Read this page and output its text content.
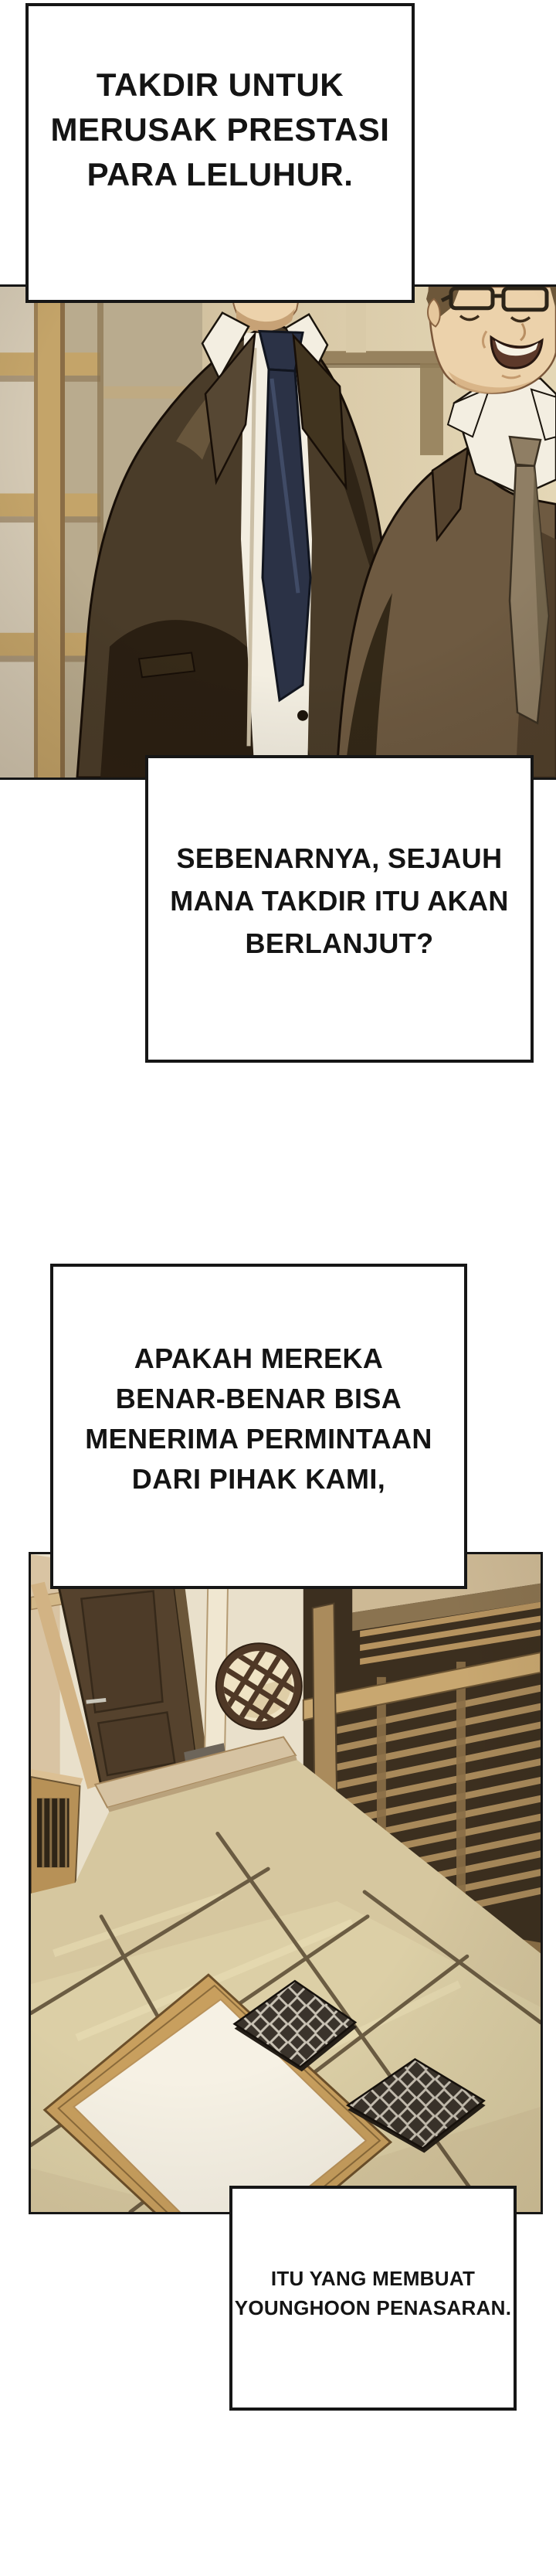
TAKDIR UNTUK
MERUSAK PRESTASI
PARA LELUHUR.
SEBENARNYA, SEJAUH
MANA TAKDIR ITU AKAN
BERLANJUT?
APAKAH MEREKA
BENAR-BENAR BISA
MENERIMA PERMINTAAN
DARI PIHAK KAMI,
ITU YANG MEMBUAT
YOUNGHOON PENASARAN.
